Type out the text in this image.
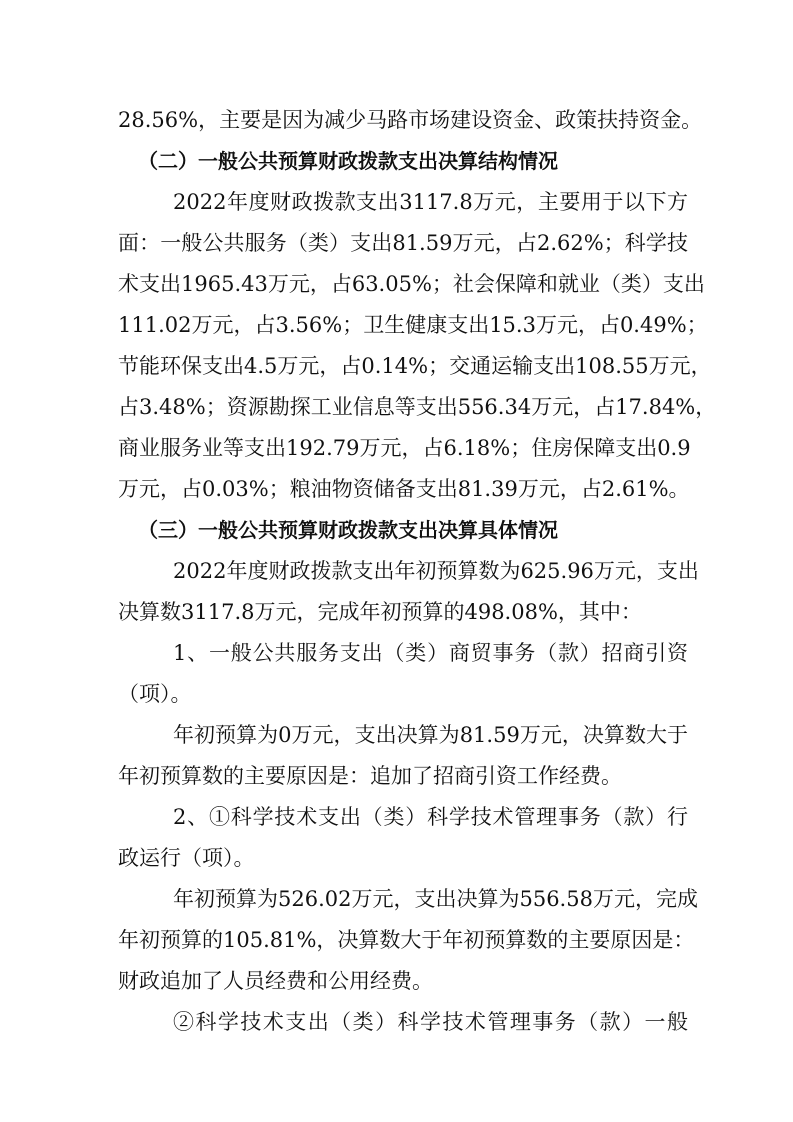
28.56%，主要是因为减少马路市场建设资金、政策扶持资金。
（二）一般公共预算财政拨款支出决算结构情况
2022年度财政拨款支出3117.8万元，主要用于以下方
面：一般公共服务（类）支出81.59万元，占2.62%；科学技
术支出1965.43万元，占63.05%；社会保障和就业（类）支出
111.02万元，占3.56%；卫生健康支出15.3万元，占0.49%；
节能环保支出4.5万元，占0.14%；交通运输支出108.55万元，
占3.48%；资源勘探工业信息等支出556.34万元，占17.84%，
商业服务业等支出192.79万元，占6.18%；住房保障支出0.9
万元，占0.03%；粮油物资储备支出81.39万元，占2.61%。
（三）一般公共预算财政拨款支出决算具体情况
2022年度财政拨款支出年初预算数为625.96万元，支出
决算数3117.8万元，完成年初预算的498.08%，其中：
1、一般公共服务支出（类）商贸事务（款）招商引资
（项）。
年初预算为0万元，支出决算为81.59万元，决算数大于
年初预算数的主要原因是：追加了招商引资工作经费。
2、①科学技术支出（类）科学技术管理事务（款）行
政运行（项）。
年初预算为526.02万元，支出决算为556.58万元，完成
年初预算的105.81%，决算数大于年初预算数的主要原因是：
财政追加了人员经费和公用经费。
②科学技术支出（类）科学技术管理事务（款）一般
